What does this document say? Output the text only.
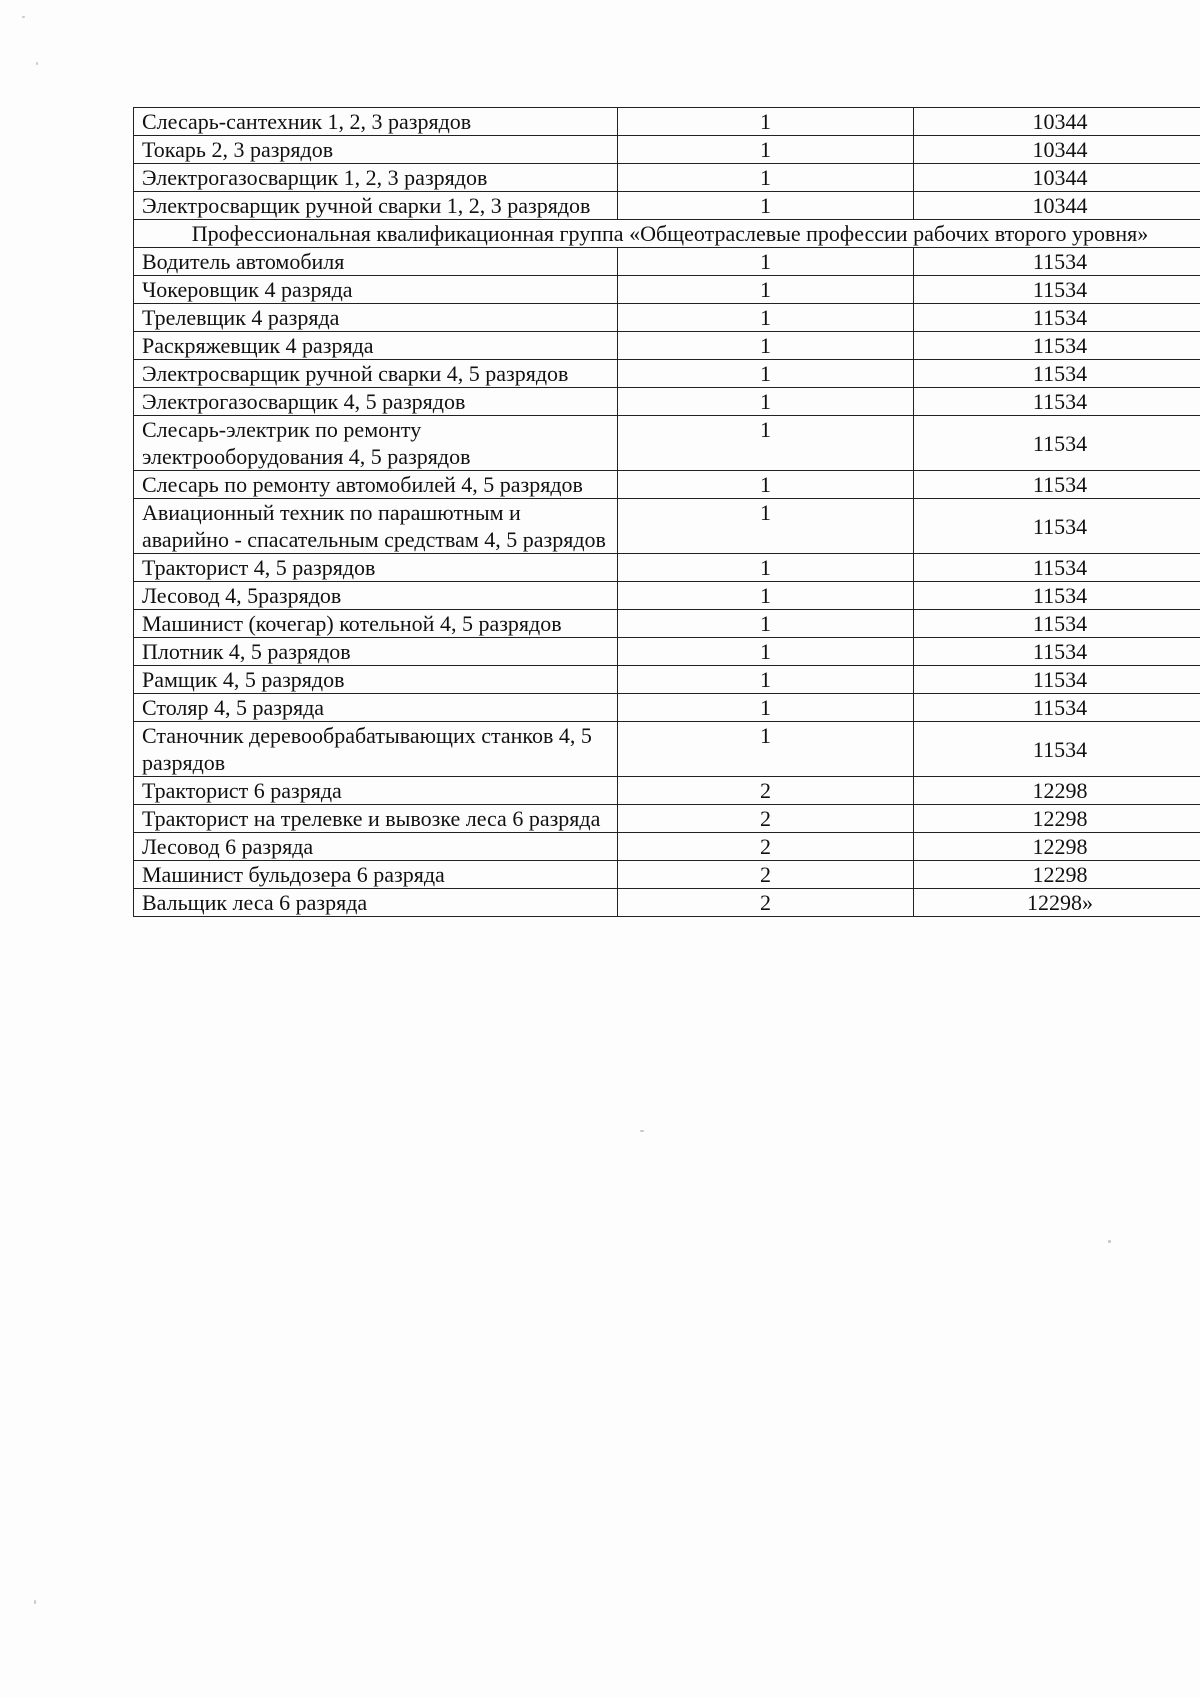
Слесарь-сантехник 1, 2, 3 разрядов	1	10344
Токарь 2, 3 разрядов	1	10344
Электрогазосварщик 1, 2, 3 разрядов	1	10344
Электросварщик ручной сварки 1, 2, 3 разрядов	1	10344
Профессиональная квалификационная группа «Общеотраслевые профессии рабочих второго уровня»		
Водитель автомобиля	1	11534
Чокеровщик 4 разряда	1	11534
Трелевщик 4 разряда	1	11534
Раскряжевщик 4 разряда	1	11534
Электросварщик ручной сварки 4, 5 разрядов	1	11534
Электрогазосварщик 4, 5 разрядов	1	11534
Слесарь-электрик по ремонту электрооборудования 4, 5 разрядов	1	11534
Слесарь по ремонту автомобилей 4, 5 разрядов	1	11534
Авиационный техник по парашютным и аварийно - спасательным средствам 4, 5 разрядов	1	11534
Тракторист 4, 5 разрядов	1	11534
Лесовод 4, 5разрядов	1	11534
Машинист (кочегар) котельной 4, 5 разрядов	1	11534
Плотник 4, 5 разрядов	1	11534
Рамщик 4, 5 разрядов	1	11534
Столяр 4, 5 разряда	1	11534
Станочник деревообрабатывающих станков 4, 5 разрядов	1	11534
Тракторист 6 разряда	2	12298
Тракторист на трелевке и вывозке леса 6 разряда	2	12298
Лесовод 6 разряда	2	12298
Машинист бульдозера 6 разряда	2	12298
Вальщик леса 6 разряда	2	12298»
